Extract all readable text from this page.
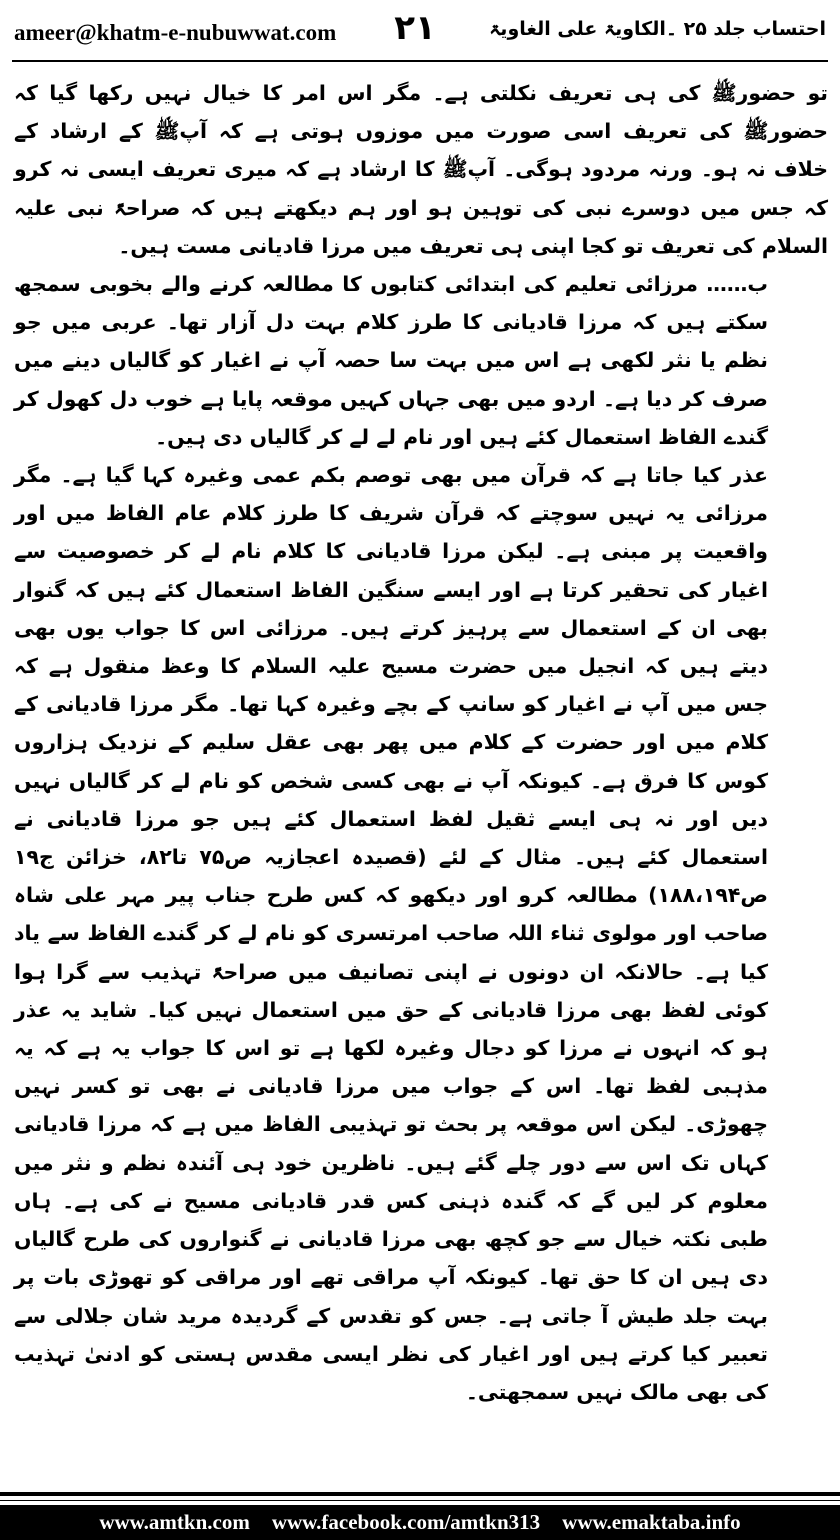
ameer@khatm-e-nubuwwat.com ۲۱	احتساب جلد ۲۵ ۔الکاویۃ علی الغاویۃ

تو حضورﷺ کی ہی تعریف نکلتی ہے۔ مگر اس امر کا خیال نہیں رکھا گیا کہ حضورﷺ کی تعریف اسی صورت میں موزوں ہوتی ہے کہ آپﷺ کے ارشاد کے خلاف نہ ہو۔ ورنہ مردود ہوگی۔ آپﷺ کا ارشاد ہے کہ میری تعریف ایسی نہ کرو کہ جس میں دوسرے نبی کی توہین ہو اور ہم دیکھتے ہیں کہ صراحۃً نبی علیہ السلام کی تعریف تو کجا اپنی ہی تعریف میں مرزا قادیانی مست ہیں۔

ب…… مرزائی تعلیم کی ابتدائی کتابوں کا مطالعہ کرنے والے بخوبی سمجھ سکتے ہیں کہ مرزا قادیانی کا طرز کلام بہت دل آزار تھا۔ عربی میں جو نظم یا نثر لکھی ہے اس میں بہت سا حصہ آپ نے اغیار کو گالیاں دینے میں صرف کر دیا ہے۔ اردو میں بھی جہاں کہیں موقعہ پایا ہے خوب دل کھول کر گندے الفاظ استعمال کئے ہیں اور نام لے لے کر گالیاں دی ہیں۔

عذر کیا جاتا ہے کہ قرآن میں بھی توصم بکم عمی وغیرہ کہا گیا ہے۔ مگر مرزائی یہ نہیں سوچتے کہ قرآن شریف کا طرز کلام عام الفاظ میں اور واقعیت پر مبنی ہے۔ لیکن مرزا قادیانی کا کلام نام لے کر خصوصیت سے اغیار کی تحقیر کرتا ہے اور ایسے سنگین الفاظ استعمال کئے ہیں کہ گنوار بھی ان کے استعمال سے پرہیز کرتے ہیں۔ مرزائی اس کا جواب یوں بھی دیتے ہیں کہ انجیل میں حضرت مسیح علیہ السلام کا وعظ منقول ہے کہ جس میں آپ نے اغیار کو سانپ کے بچے وغیرہ کہا تھا۔ مگر مرزا قادیانی کے کلام میں اور حضرت کے کلام میں پھر بھی عقل سلیم کے نزدیک ہزاروں کوس کا فرق ہے۔ کیونکہ آپ نے بھی کسی شخص کو نام لے کر گالیاں نہیں دیں اور نہ ہی ایسے ثقیل لفظ استعمال کئے ہیں جو مرزا قادیانی نے استعمال کئے ہیں۔ مثال کے لئے (قصیدہ اعجازیہ ص۷۵ تا۸۲، خزائن ج۱۹ ص۱۸۸،۱۹۴) مطالعہ کرو اور دیکھو کہ کس طرح جناب پیر مہر علی شاہ صاحب اور مولوی ثناء اللہ صاحب امرتسری کو نام لے کر گندے الفاظ سے یاد کیا ہے۔ حالانکہ ان دونوں نے اپنی تصانیف میں صراحۃً تہذیب سے گرا ہوا کوئی لفظ بھی مرزا قادیانی کے حق میں استعمال نہیں کیا۔ شاید یہ عذر ہو کہ انہوں نے مرزا کو دجال وغیرہ لکھا ہے تو اس کا جواب یہ ہے کہ یہ مذہبی لفظ تھا۔ اس کے جواب میں مرزا قادیانی نے بھی تو کسر نہیں چھوڑی۔ لیکن اس موقعہ پر بحث تو تہذیبی الفاظ میں ہے کہ مرزا قادیانی کہاں تک اس سے دور چلے گئے ہیں۔ ناظرین خود ہی آئندہ نظم و نثر میں معلوم کر لیں گے کہ گندہ ذہنی کس قدر قادیانی مسیح نے کی ہے۔ ہاں طبی نکتہ خیال سے جو کچھ بھی مرزا قادیانی نے گنواروں کی طرح گالیاں دی ہیں ان کا حق تھا۔ کیونکہ آپ مراقی تھے اور مراقی کو تھوڑی بات پر بہت جلد طیش آ جاتی ہے۔ جس کو تقدس کے گردیدہ مرید شان جلالی سے تعبیر کیا کرتے ہیں اور اغیار کی نظر ایسی مقدس ہستی کو ادنیٰ تہذیب کی بھی مالک نہیں سمجھتی۔

www.amtkn.com www.facebook.com/amtkn313 www.emaktaba.info
